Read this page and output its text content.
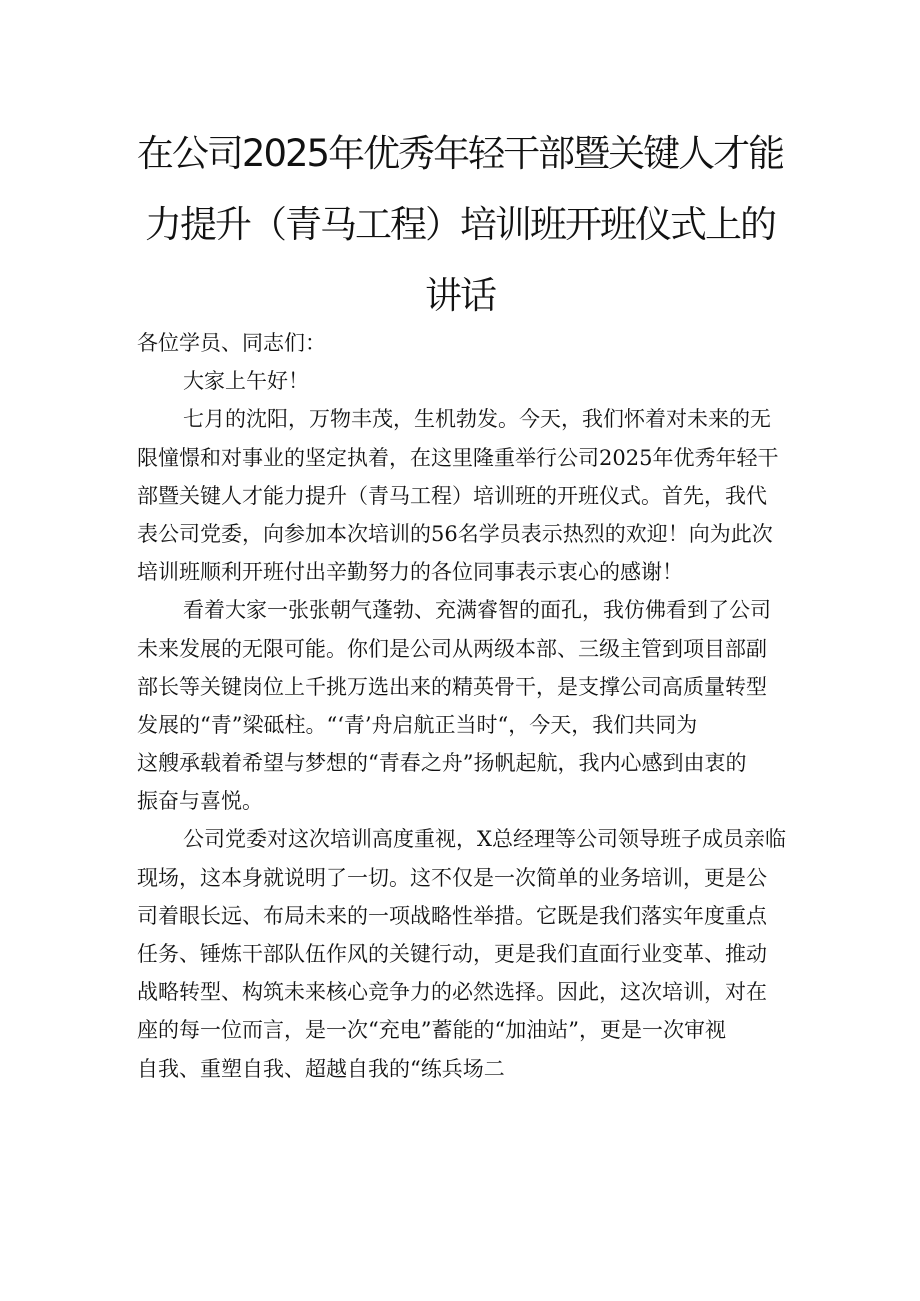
在公司2025年优秀年轻干部暨关键人才能
力提升（青马工程）培训班开班仪式上的
讲话
各位学员、同志们：
大家上午好！
七月的沈阳，万物丰茂，生机勃发。今天，我们怀着对未来的无
限憧憬和对事业的坚定执着，在这里隆重举行公司2025年优秀年轻干
部暨关键人才能力提升（青马工程）培训班的开班仪式。首先，我代
表公司党委，向参加本次培训的56名学员表示热烈的欢迎！向为此次
培训班顺利开班付出辛勤努力的各位同事表示衷心的感谢！
看着大家一张张朝气蓬勃、充满睿智的面孔，我仿佛看到了公司
未来发展的无限可能。你们是公司从两级本部、三级主管到项目部副
部长等关键岗位上千挑万选出来的精英骨干，是支撑公司高质量转型
发展的“青”梁砥柱。“‘青’舟启航正当时“，今天，我们共同为
这艘承载着希望与梦想的“青春之舟”扬帆起航，我内心感到由衷的
振奋与喜悦。
公司党委对这次培训高度重视，X总经理等公司领导班子成员亲临
现场，这本身就说明了一切。这不仅是一次简单的业务培训，更是公
司着眼长远、布局未来的一项战略性举措。它既是我们落实年度重点
任务、锤炼干部队伍作风的关键行动，更是我们直面行业变革、推动
战略转型、构筑未来核心竞争力的必然选择。因此，这次培训，对在
座的每一位而言，是一次“充电”蓄能的“加油站”，更是一次审视
自我、重塑自我、超越自我的“练兵场二
